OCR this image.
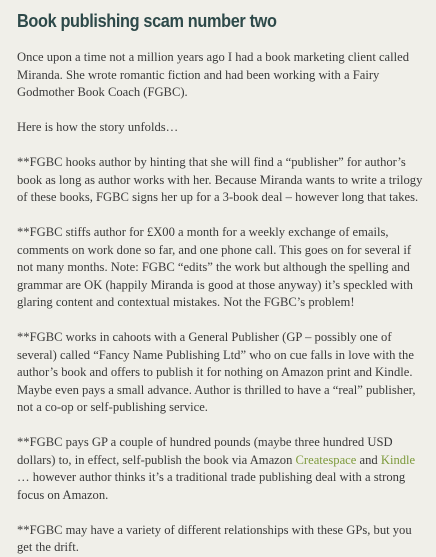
Book publishing scam number two

Once upon a time not a million years ago I had a book marketing client called Miranda. She wrote romantic fiction and had been working with a Fairy Godmother Book Coach (FGBC).

Here is how the story unfolds…

**FGBC hooks author by hinting that she will find a “publisher” for author’s book as long as author works with her. Because Miranda wants to write a trilogy of these books, FGBC signs her up for a 3-book deal – however long that takes.

**FGBC stiffs author for £X00 a month for a weekly exchange of emails, comments on work done so far, and one phone call. This goes on for several if not many months. Note: FGBC “edits” the work but although the spelling and grammar are OK (happily Miranda is good at those anyway) it’s speckled with glaring content and contextual mistakes. Not the FGBC’s problem!

**FGBC works in cahoots with a General Publisher (GP – possibly one of several) called “Fancy Name Publishing Ltd” who on cue falls in love with the author’s book and offers to publish it for nothing on Amazon print and Kindle. Maybe even pays a small advance. Author is thrilled to have a “real” publisher, not a co-op or self-publishing service.

**FGBC pays GP a couple of hundred pounds (maybe three hundred USD dollars) to, in effect, self-publish the book via Amazon Createspace and Kindle … however author thinks it’s a traditional trade publishing deal with a strong focus on Amazon.

**FGBC may have a variety of different relationships with these GPs, but you get the drift.
